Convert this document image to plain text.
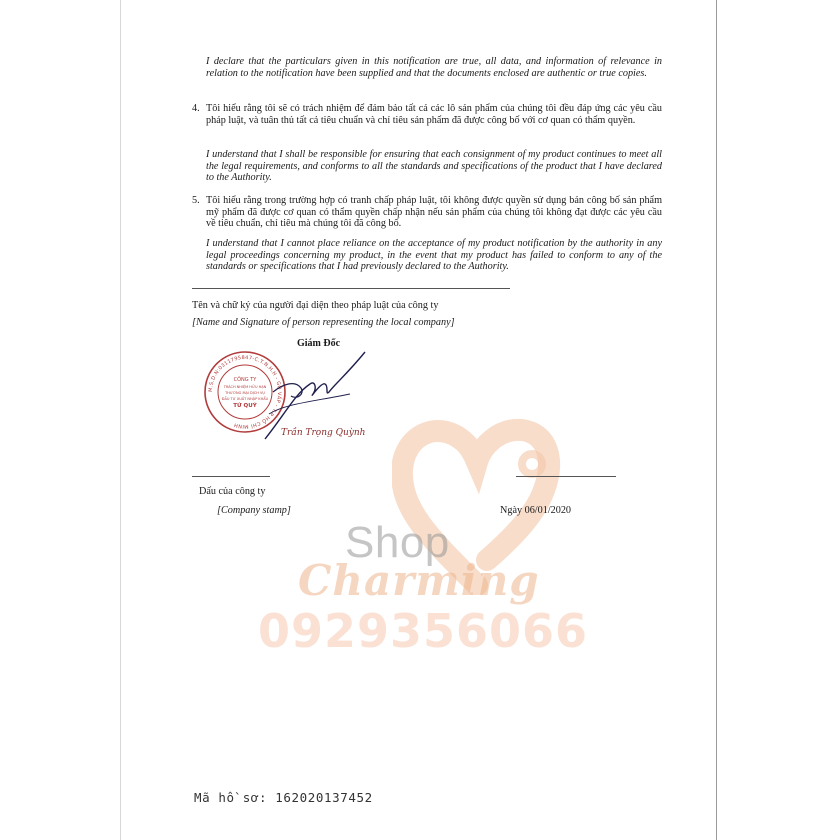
Shop
Charming
0929356066
I declare that the particulars given in this notification are true, all data, and information of relevance in relation to the notification have been supplied and that the documents enclosed are authentic or true copies.
4. Tôi hiểu rằng tôi sẽ có trách nhiệm để đảm bảo tất cả các lô sản phẩm của chúng tôi đều đáp ứng các yêu cầu pháp luật, và tuân thủ tất cả tiêu chuẩn và chỉ tiêu sản phẩm đã được công bố với cơ quan có thẩm quyền.
I understand that I shall be responsible for ensuring that each consignment of my product continues to meet all the legal requirements, and conforms to all the standards and specifications of the product that I have declared to the Authority.
5. Tôi hiểu rằng trong trường hợp có tranh chấp pháp luật, tôi không được quyền sử dụng bản công bố sản phẩm mỹ phẩm đã được cơ quan có thẩm quyền chấp nhận nếu sản phẩm của chúng tôi không đạt được các yêu cầu về tiêu chuẩn, chỉ tiêu mà chúng tôi đã công bố.
I understand that I cannot place reliance on the acceptance of my product notification by the authority in any legal proceedings concerning my product, in the event that my product has failed to conform to any of the standards or specifications that I had previously declared to the Authority.
Tên và chữ ký của người đại diện theo pháp luật của công ty
[Name and Signature of person representing the local company]
Giám Đốc
M.S.D.N:0311795847-C.T.N.H.H - GÒ VẤP - T.P HỒ CHÍ MINH
CÔNG TY
TRÁCH NHIỆM HỮU HẠN
THƯƠNG MẠI DỊCH VỤ
ĐẦU TƯ XUẤT NHẬP KHẨU
TỨ QUÝ
Trần Trọng Quỳnh
Dấu của công ty
[Company stamp]	Ngày 06/01/2020
Mã hồ sơ: 162020137452
